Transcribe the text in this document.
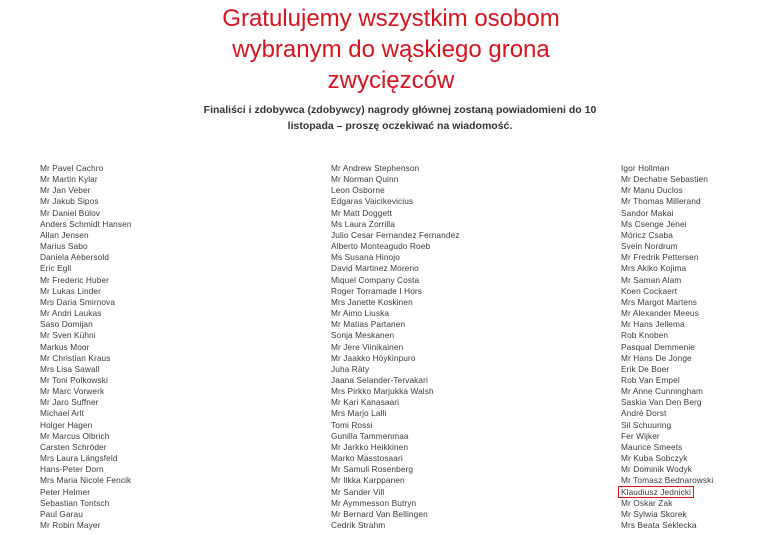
Gratulujemy wszystkim osobom
wybranym do wąskiego grona
zwycięzców

Finaliści i zdobywca (zdobywcy) nagrody głównej zostaną powiadomieni do 10
listopada – proszę oczekiwać na wiadomość.

Mr Pavel Cachro
Mr Martin Kylar
Mr Jan Veber
Mr Jakub Sipos
Mr Daniel Bülov
Anders Schmidt Hansen
Allan Jensen
Marius Sabo
Daniela Aebersold
Eric Egli
Mr Frederic Huber
Mr Lukas Linder
Mrs Daria Smirnova
Mr Andri Laukas
Saso Domijan
Mr Sven Kühni
Markus Moor
Mr Christian Kraus
Mrs Lisa Sawall
Mr Toni Polkowski
Mr Marc Vorwerk
Mr Jaro Suffner
Michael Arlt
Holger Hagen
Mr Marcus Olbrich
Carsten Schröder
Mrs Laura Längsfeld
Hans-Peter Dorn
Mrs Maria Nicole Fencik
Peter Helmer
Sebastian Tontsch
Paul Garau
Mr Robin Mayer
Mr Andrew Stephenson
Mr Norman Quinn
Leon Osborne
Edgaras Vaicikevicius
Mr Matt Doggett
Ms Laura Zorrilla
Julio Cesar Fernandez Fernandez
Alberto Monteagudo Roeb
Ms Susana Hinojo
David Martinez Moreno
Miquel Company Costa
Roger Torramade I Hors
Mrs Janette Koskinen
Mr Aimo Liuska
Mr Matias Partanen
Sonja Meskanen
Mr Jere Viinikainen
Mr Jaakko Höykinpuro
Juha Räty
Jaana Selander-Tervakari
Mrs Pirkko Marjukka Walsh
Mr Kari Kanasaari
Mrs Marjo Lalli
Tomi Rossi
Gunilla Tammenmaa
Mr Jarkko Heikkinen
Marko Masstosaari
Mr Samuli Rosenberg
Mr Ilkka Karppanen
Mr Sander Vill
Mr Aymmesson Butryn
Mr Bernard Van Bellingen
Cedrik Strahm
Igor Hollman
Mr Dechatre Sebastien
Mr Manu Duclos
Mr Thomas Millerand
Sandor Makai
Ms Csenge Jenei
Móricz Csaba
Svein Nordrum
Mr Fredrik Pettersen
Mrs Akiko Kojima
Mr Saman Alam
Koen Cockaert
Mrs Margot Martens
Mr Alexander Meeus
Mr Hans Jellema
Rob Knoben
Pasqual Demmenie
Mr Hans De Jonge
Erik De Boer
Rob Van Empel
Mr Anne Cunningham
Saskia Van Den Berg
André Dorst
Sil Schuuring
Fer Wijker
Maurice Smeets
Mr Kuba Sobczyk
Mr Dominik Wodyk
Mr Tomasz Bednarowski
Klaudiusz Jednicki
Mr Oskar Zak
Mr Sylwia Skorek
Mrs Beata Seklecka
